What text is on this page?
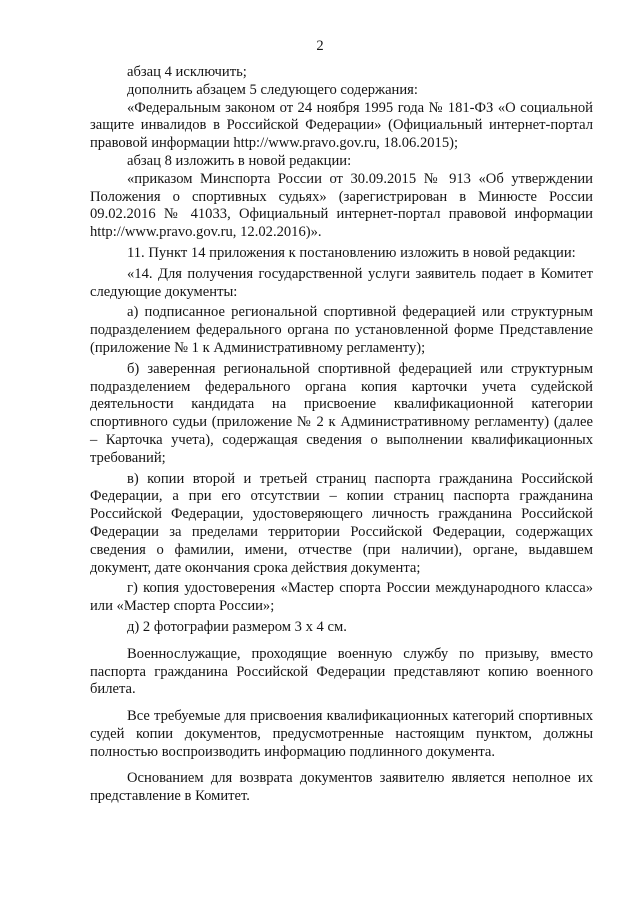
2

абзац 4 исключить;

дополнить абзацем 5 следующего содержания:

«Федеральным законом от 24 ноября 1995 года № 181-ФЗ «О социальной защите инвалидов в Российской Федерации» (Официальный интернет-портал правовой информации http://www.pravo.gov.ru, 18.06.2015);

абзац 8 изложить в новой редакции:

«приказом Минспорта России от 30.09.2015 № 913 «Об утверждении Положения о спортивных судьях» (зарегистрирован в Минюсте России 09.02.2016 № 41033, Официальный интернет-портал правовой информации http://www.pravo.gov.ru, 12.02.2016)».

11. Пункт 14 приложения к постановлению изложить в новой редакции:

«14. Для получения государственной услуги заявитель подает в Комитет следующие документы:

а) подписанное региональной спортивной федерацией или структурным подразделением федерального органа по установленной форме Представление (приложение № 1 к Административному регламенту);

б) заверенная региональной спортивной федерацией или структурным подразделением федерального органа копия карточки учета судейской деятельности кандидата на присвоение квалификационной категории спортивного судьи (приложение № 2 к Административному регламенту) (далее – Карточка учета), содержащая сведения о выполнении квалификационных требований;

в) копии второй и третьей страниц паспорта гражданина Российской Федерации, а при его отсутствии – копии страниц паспорта гражданина Российской Федерации, удостоверяющего личность гражданина Российской Федерации за пределами территории Российской Федерации, содержащих сведения о фамилии, имени, отчестве (при наличии), органе, выдавшем документ, дате окончания срока действия документа;

г) копия удостоверения «Мастер спорта России международного класса» или «Мастер спорта России»;

д) 2 фотографии размером 3 х 4 см.

Военнослужащие, проходящие военную службу по призыву, вместо паспорта гражданина Российской Федерации представляют копию военного билета.

Все требуемые для присвоения квалификационных категорий спортивных судей копии документов, предусмотренные настоящим пунктом, должны полностью воспроизводить информацию подлинного документа.

Основанием для возврата документов заявителю является неполное их представление в Комитет.
